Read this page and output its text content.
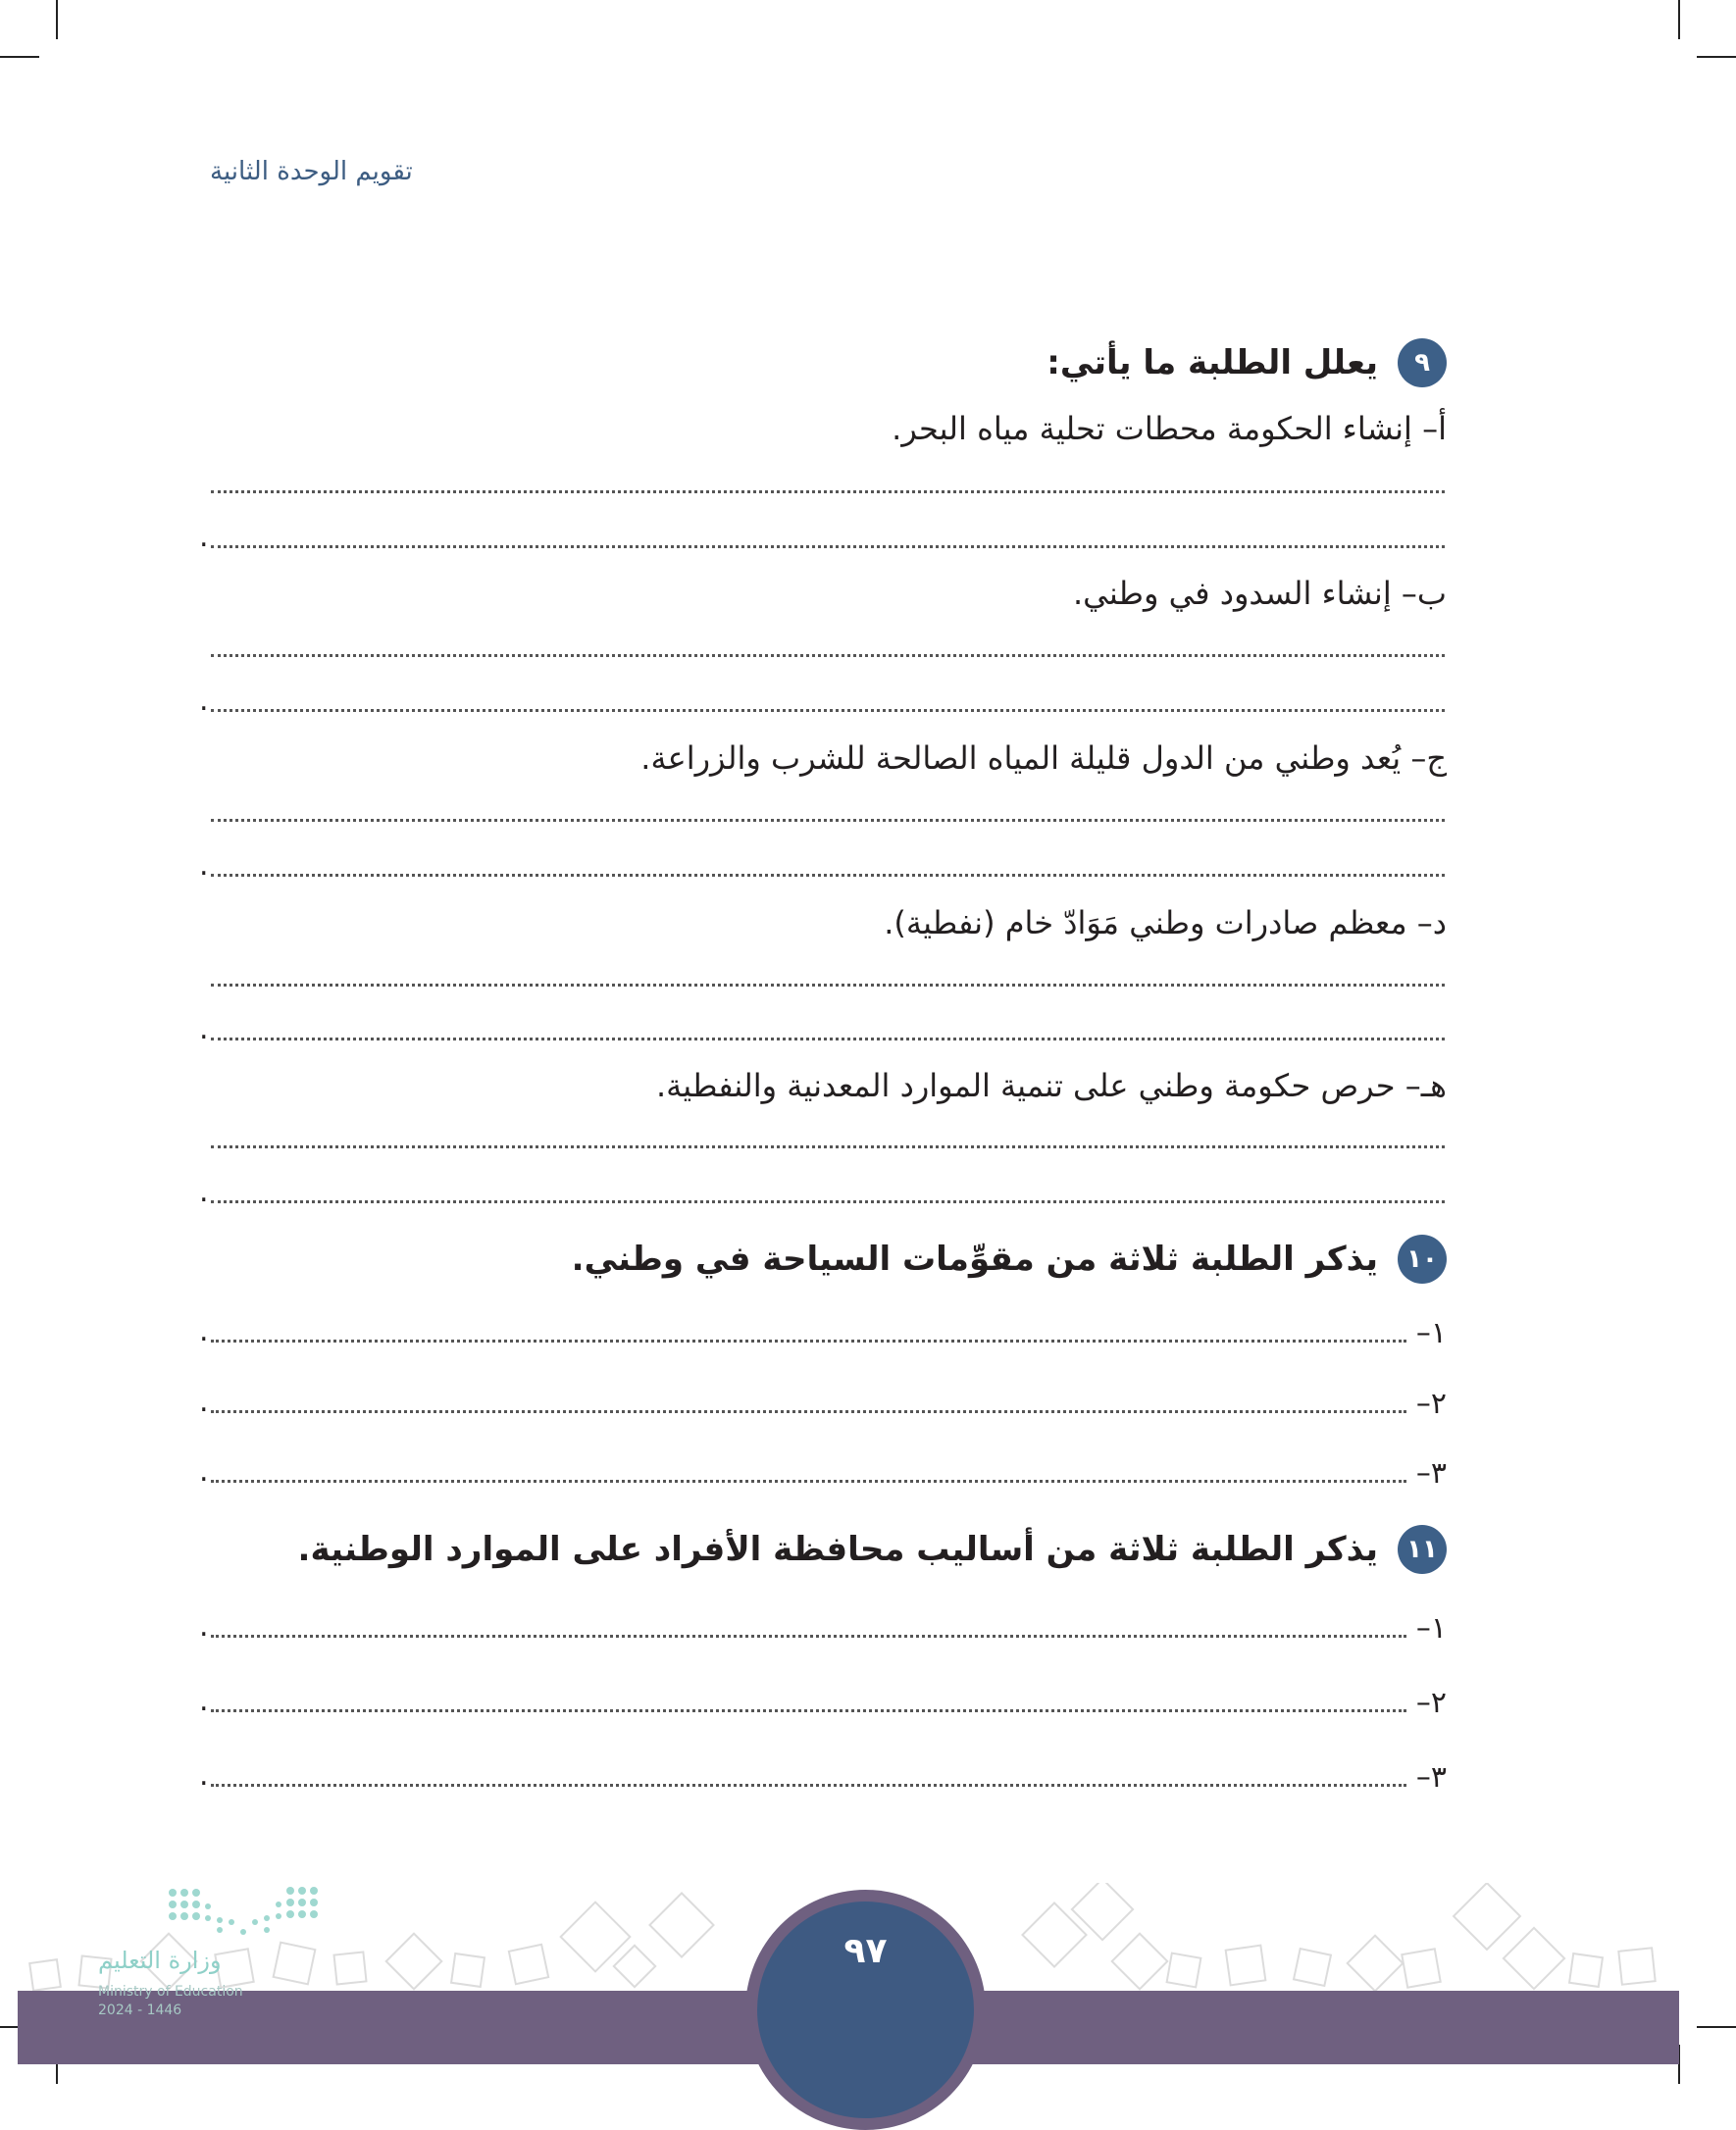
تقويم الوحدة الثانية
٩
يعلل الطلبة ما يأتي:
أ– إنشاء الحكومة محطات تحلية مياه البحر.
.
ب– إنشاء السدود في وطني.
.
ج– يُعد وطني من الدول قليلة المياه الصالحة للشرب والزراعة.
.
د– معظم صادرات وطني مَوَادّ خام (نفطية).
.
هـ– حرص حكومة وطني على تنمية الموارد المعدنية والنفطية.
.
١٠
يذكر الطلبة ثلاثة من مقوِّمات السياحة في وطني.
١–
.
٢–
.
٣–
.
١١
يذكر الطلبة ثلاثة من أساليب محافظة الأفراد على الموارد الوطنية.
١–
.
٢–
.
٣–
.
٩٧
وزارة التعليم
Ministry of Education
2024 - 1446
